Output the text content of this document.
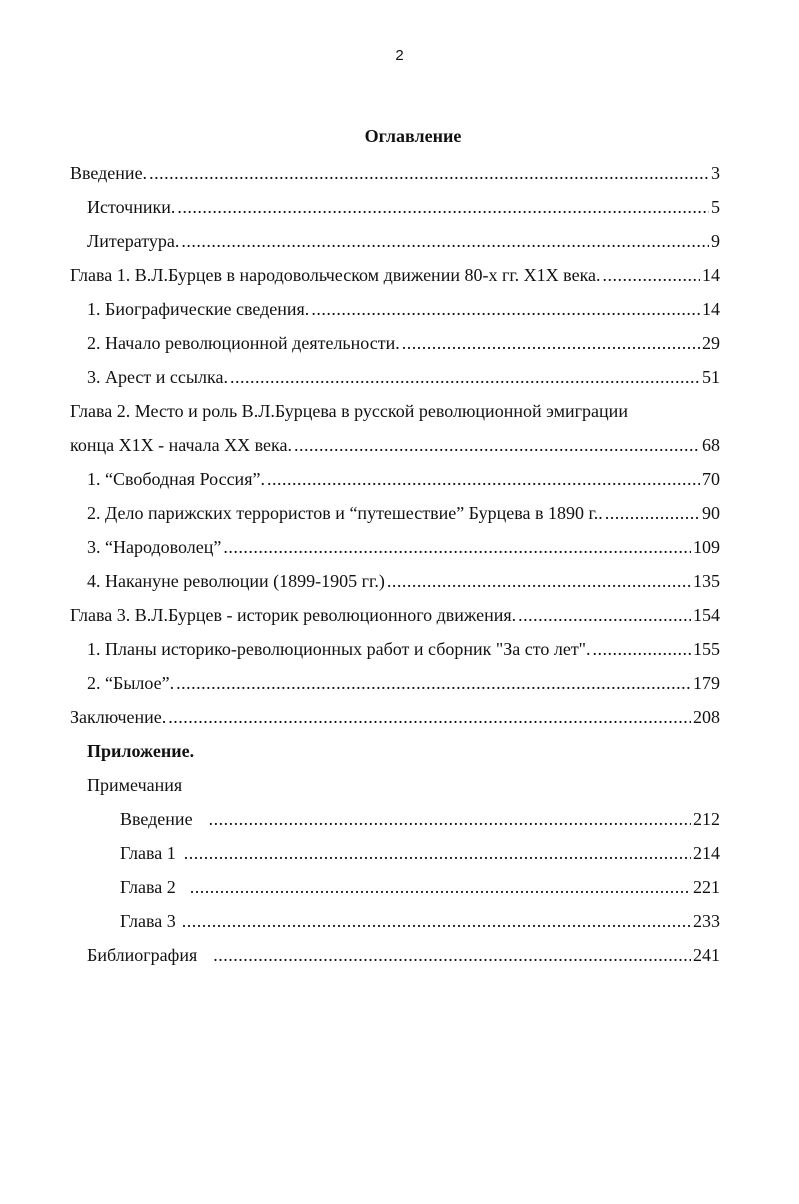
2
Оглавление
Введение. .....	3
Источники. .....	5
Литература. .....	9
Глава 1. В.Л.Бурцев в народовольческом движении 80-х гг. Х1Х века. .....	14
1. Биографические сведения. .....	14
2. Начало революционной деятельности. .....	29
3. Арест и ссылка. .....	51
Глава 2. Место и роль В.Л.Бурцева в русской революционной эмиграции
конца Х1Х - начала ХХ века. .....	68
1. “Свободная Россия”. .....	70
2. Дело парижских террористов и “путешествие” Бурцева в 1890 г.. .....	90
3. “Народоволец” .....	109
4. Накануне революции (1899-1905 гг.) .....	135
Глава 3. В.Л.Бурцев - историк революционного движения. .....	154
1. Планы историко-революционных работ и сборник "За сто лет". .....	155
2. “Былое”. .....	179
Заключение. .....	208
Приложение.
Примечания
Введение .....	212
Глава 1 .....	214
Глава 2 .....	221
Глава 3 .....	233
Библиография .....	241
